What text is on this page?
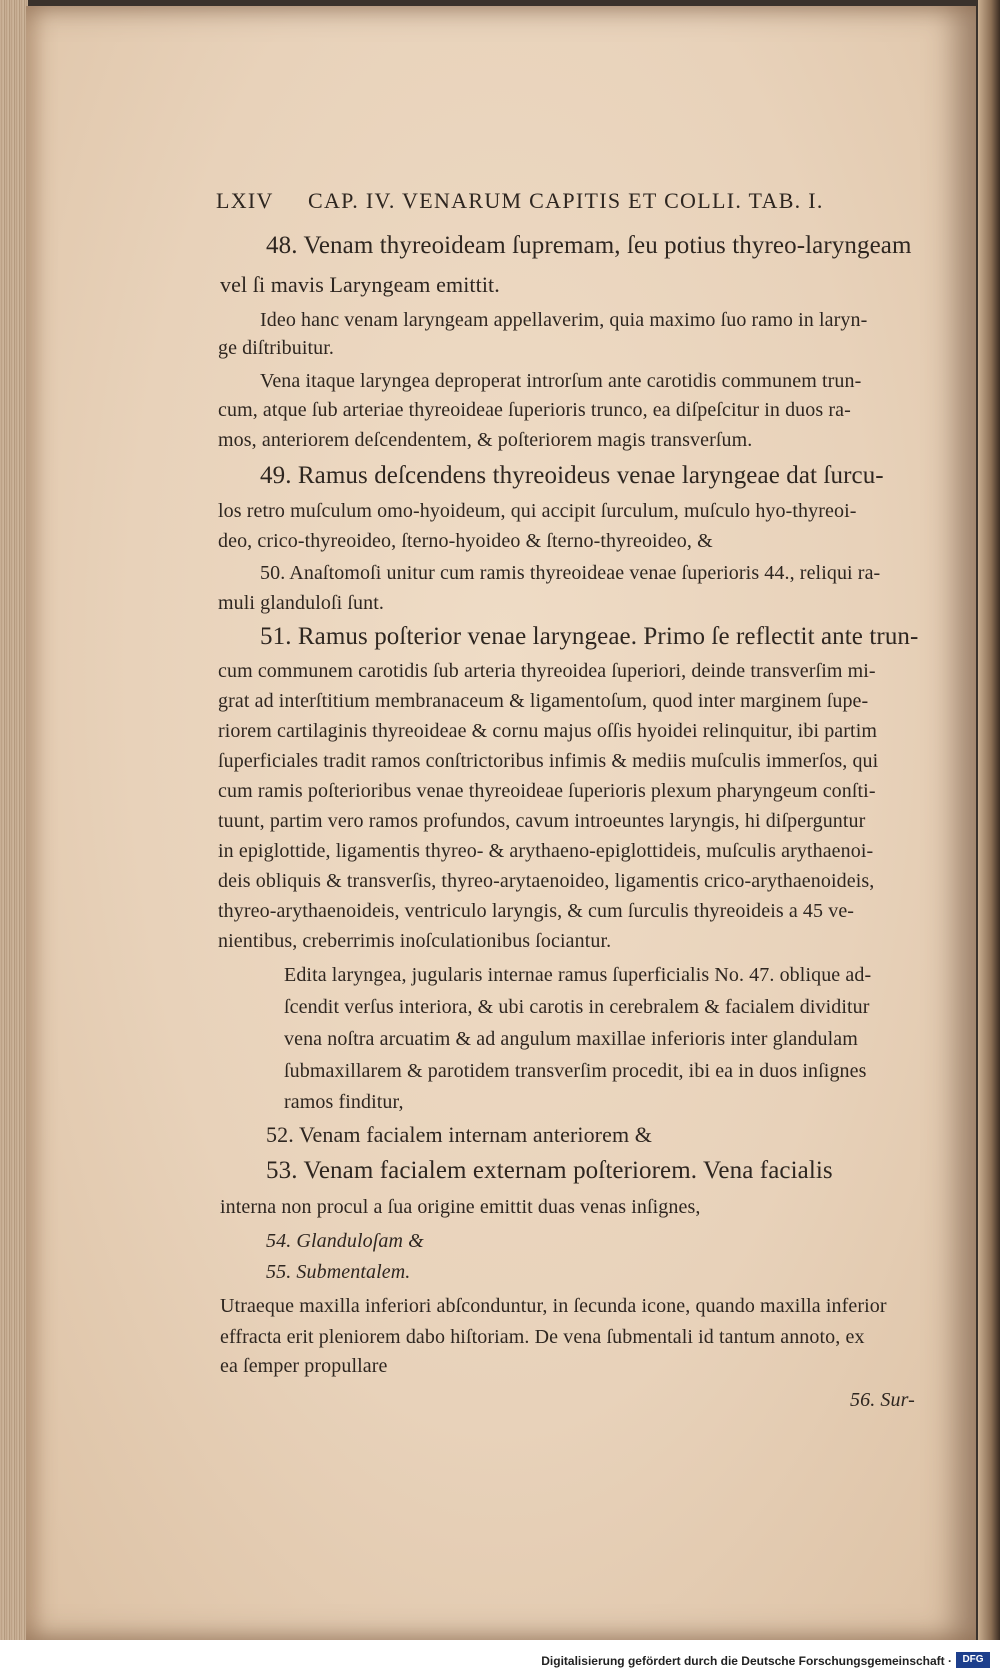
LXIV CAP. IV. VENARUM CAPITIS ET COLLI. TAB. I.
48. Venam thyreoideam ſupremam, ſeu potius thyreo-laryngeam
vel ſi mavis Laryngeam emittit.
Ideo hanc venam laryngeam appellaverim, quia maximo ſuo ramo in laryn-
ge diſtribuitur.
Vena itaque laryngea deproperat introrſum ante carotidis communem trun-
cum, atque ſub arteriae thyreoideae ſuperioris trunco, ea diſpeſcitur in duos ra-
mos, anteriorem deſcendentem, & poſteriorem magis transverſum.
49. Ramus deſcendens thyreoideus venae laryngeae dat ſurcu-
los retro muſculum omo-hyoideum, qui accipit ſurculum, muſculo hyo-thyreoi-
deo, crico-thyreoideo, ſterno-hyoideo & ſterno-thyreoideo, &
50. Anaſtomoſi unitur cum ramis thyreoideae venae ſuperioris 44., reliqui ra-
muli glanduloſi ſunt.
51. Ramus poſterior venae laryngeae. Primo ſe reflectit ante trun-
cum communem carotidis ſub arteria thyreoidea ſuperiori, deinde transverſim mi-
grat ad interſtitium membranaceum & ligamentoſum, quod inter marginem ſupe-
riorem cartilaginis thyreoideae & cornu majus oſſis hyoidei relinquitur, ibi partim
ſuperficiales tradit ramos conſtrictoribus infimis & mediis muſculis immerſos, qui
cum ramis poſterioribus venae thyreoideae ſuperioris plexum pharyngeum conſti-
tuunt, partim vero ramos profundos, cavum introeuntes laryngis, hi diſperguntur
in epiglottide, ligamentis thyreo- & arythaeno-epiglottideis, muſculis arythaenoi-
deis obliquis & transverſis, thyreo-arytaenoideo, ligamentis crico-arythaenoideis,
thyreo-arythaenoideis, ventriculo laryngis, & cum ſurculis thyreoideis a 45 ve-
nientibus, creberrimis inoſculationibus ſociantur.
Edita laryngea, jugularis internae ramus ſuperficialis No. 47. oblique ad-
ſcendit verſus interiora, & ubi carotis in cerebralem & facialem dividitur
vena noſtra arcuatim & ad angulum maxillae inferioris inter glandulam
ſubmaxillarem & parotidem transverſim procedit, ibi ea in duos inſignes
ramos finditur,
52. Venam facialem internam anteriorem &
53. Venam facialem externam poſteriorem. Vena facialis
interna non procul a ſua origine emittit duas venas inſignes,
54. Glanduloſam &
55. Submentalem.
Utraeque maxilla inferiori abſconduntur, in ſecunda icone, quando maxilla inferior
effracta erit pleniorem dabo hiſtoriam. De vena ſubmentali id tantum annoto, ex
ea ſemper propullare
56. Sur-
Digitalisierung gefördert durch die Deutsche Forschungsgemeinschaft ·	DFG
